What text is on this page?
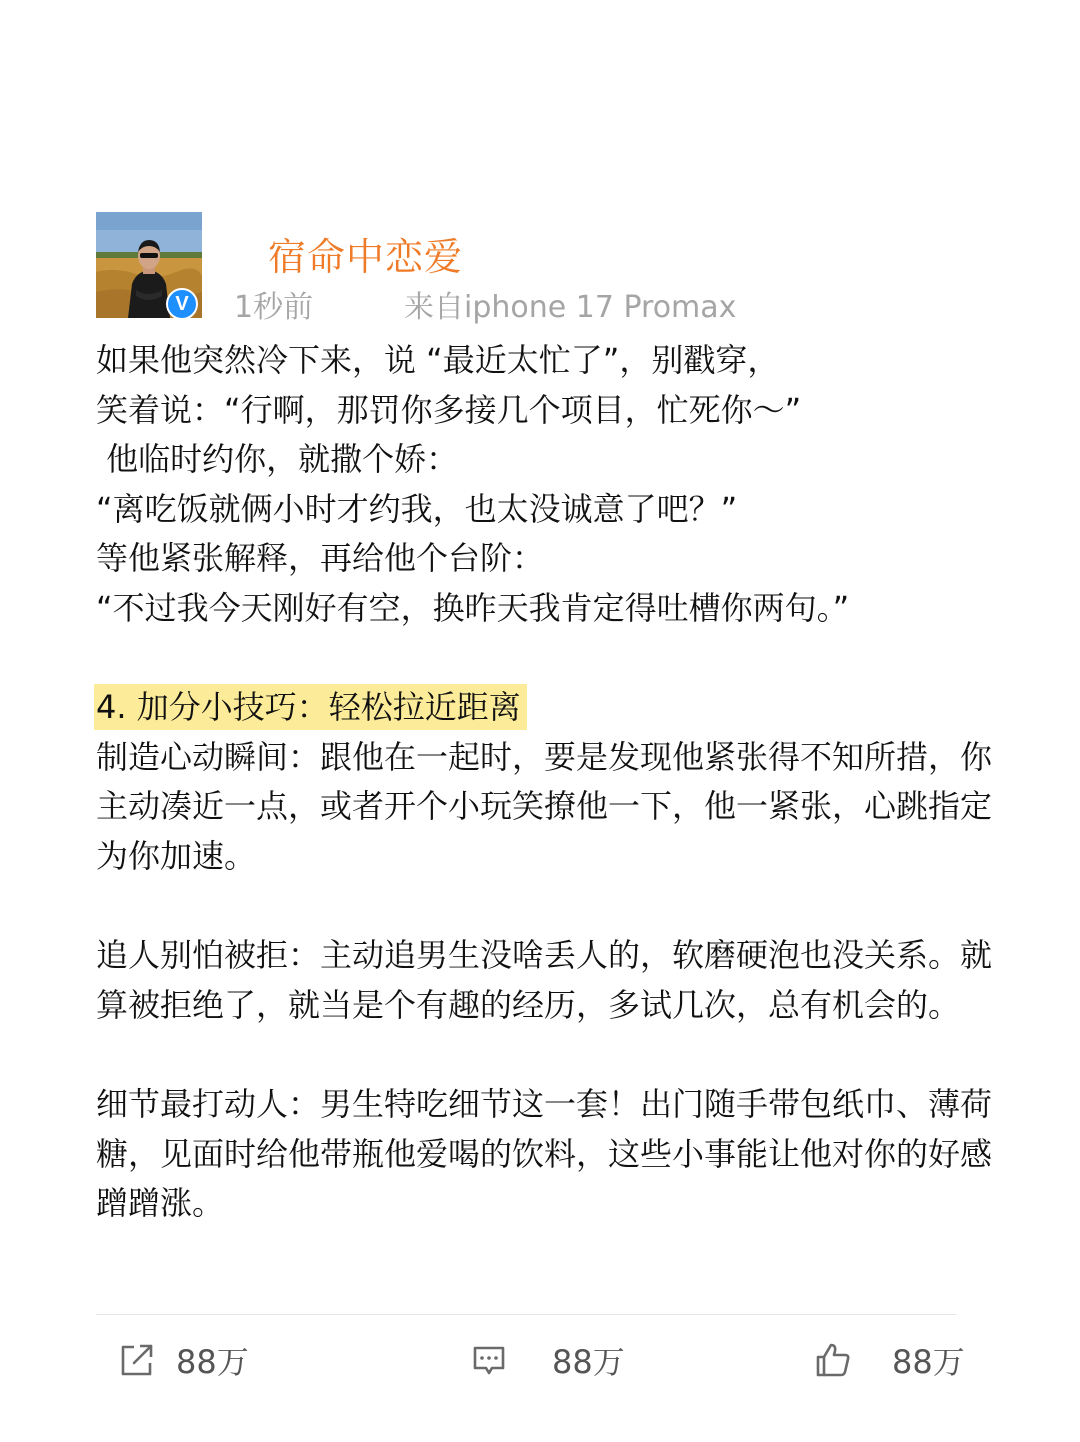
V
宿命中恋爱
1秒前	来自iphone 17 Promax
如果他突然冷下来，说 “最近太忙了”，别戳穿，
笑着说：“行啊，那罚你多接几个项目，忙死你～”
他临时约你，就撒个娇：
“离吃饭就俩小时才约我，也太没诚意了吧？”
等他紧张解释，再给他个台阶：
“不过我今天刚好有空，换昨天我肯定得吐槽你两句。”
4. 加分小技巧：轻松拉近距离
制造心动瞬间：跟他在一起时，要是发现他紧张得不知所措，你主动凑近一点，或者开个小玩笑撩他一下，他一紧张，心跳指定为你加速。
追人别怕被拒：主动追男生没啥丢人的，软磨硬泡也没关系。就算被拒绝了，就当是个有趣的经历，多试几次，总有机会的。
细节最打动人：男生特吃细节这一套！出门随手带包纸巾、薄荷糖，见面时给他带瓶他爱喝的饮料，这些小事能让他对你的好感蹭蹭涨。
88万	88万	88万
